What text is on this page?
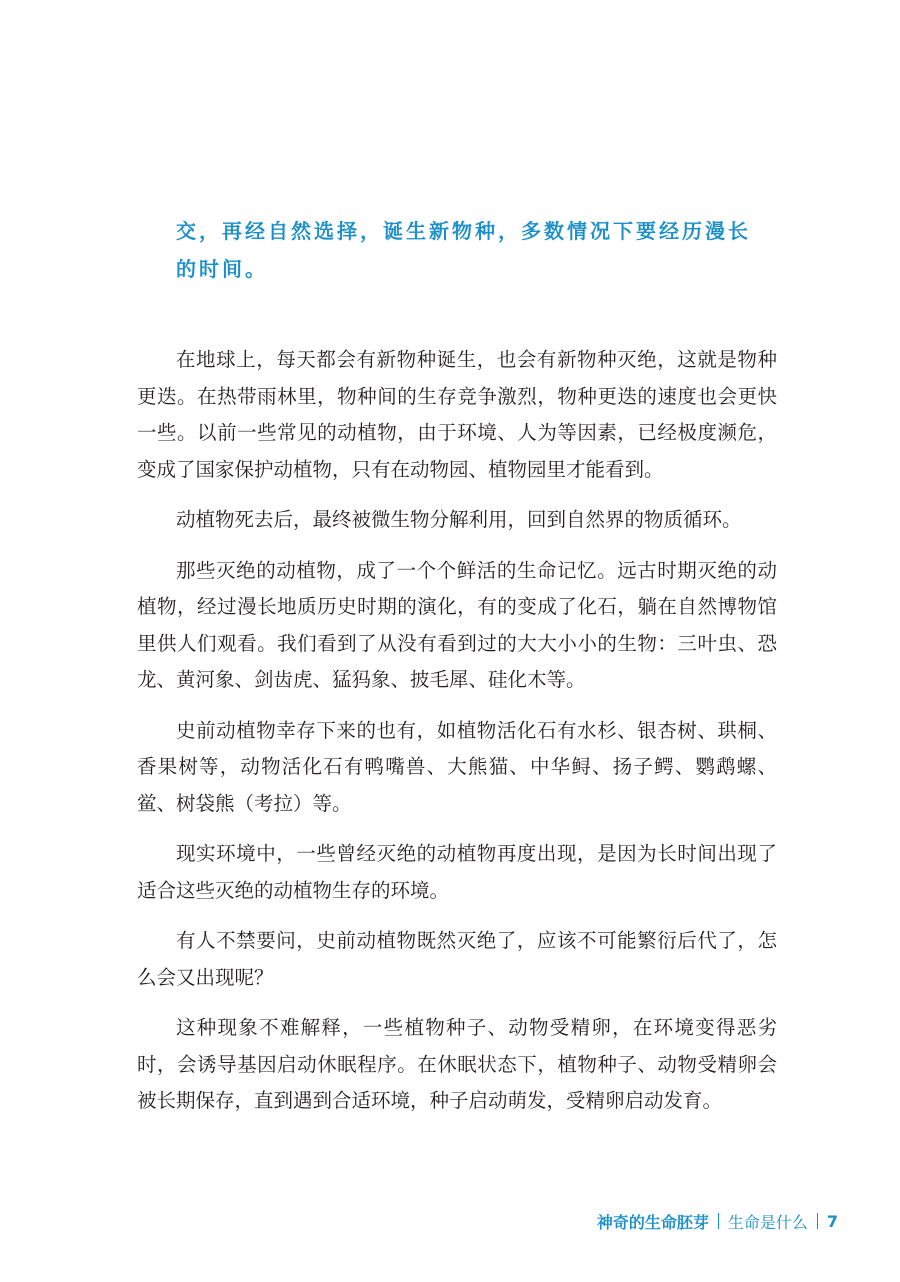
交，再经自然选择，诞生新物种，多数情况下要经历漫长

的时间。

在地球上，每天都会有新物种诞生，也会有新物种灭绝，这就是物种更迭。在热带雨林里，物种间的生存竞争激烈，物种更迭的速度也会更快一些。以前一些常见的动植物，由于环境、人为等因素，已经极度濒危，变成了国家保护动植物，只有在动物园、植物园里才能看到。

动植物死去后，最终被微生物分解利用，回到自然界的物质循环。

那些灭绝的动植物，成了一个个鲜活的生命记忆。远古时期灭绝的动植物，经过漫长地质历史时期的演化，有的变成了化石，躺在自然博物馆里供人们观看。我们看到了从没有看到过的大大小小的生物：三叶虫、恐龙、黄河象、剑齿虎、猛犸象、披毛犀、硅化木等。

史前动植物幸存下来的也有，如植物活化石有水杉、银杏树、珙桐、香果树等，动物活化石有鸭嘴兽、大熊猫、中华鲟、扬子鳄、鹦鹉螺、鲎、树袋熊（考拉）等。

现实环境中，一些曾经灭绝的动植物再度出现，是因为长时间出现了适合这些灭绝的动植物生存的环境。

有人不禁要问，史前动植物既然灭绝了，应该不可能繁衍后代了，怎么会又出现呢？

这种现象不难解释，一些植物种子、动物受精卵，在环境变得恶劣时，会诱导基因启动休眠程序。在休眠状态下，植物种子、动物受精卵会被长期保存，直到遇到合适环境，种子启动萌发，受精卵启动发育。

神奇的生命胚芽 生命是什么 7
